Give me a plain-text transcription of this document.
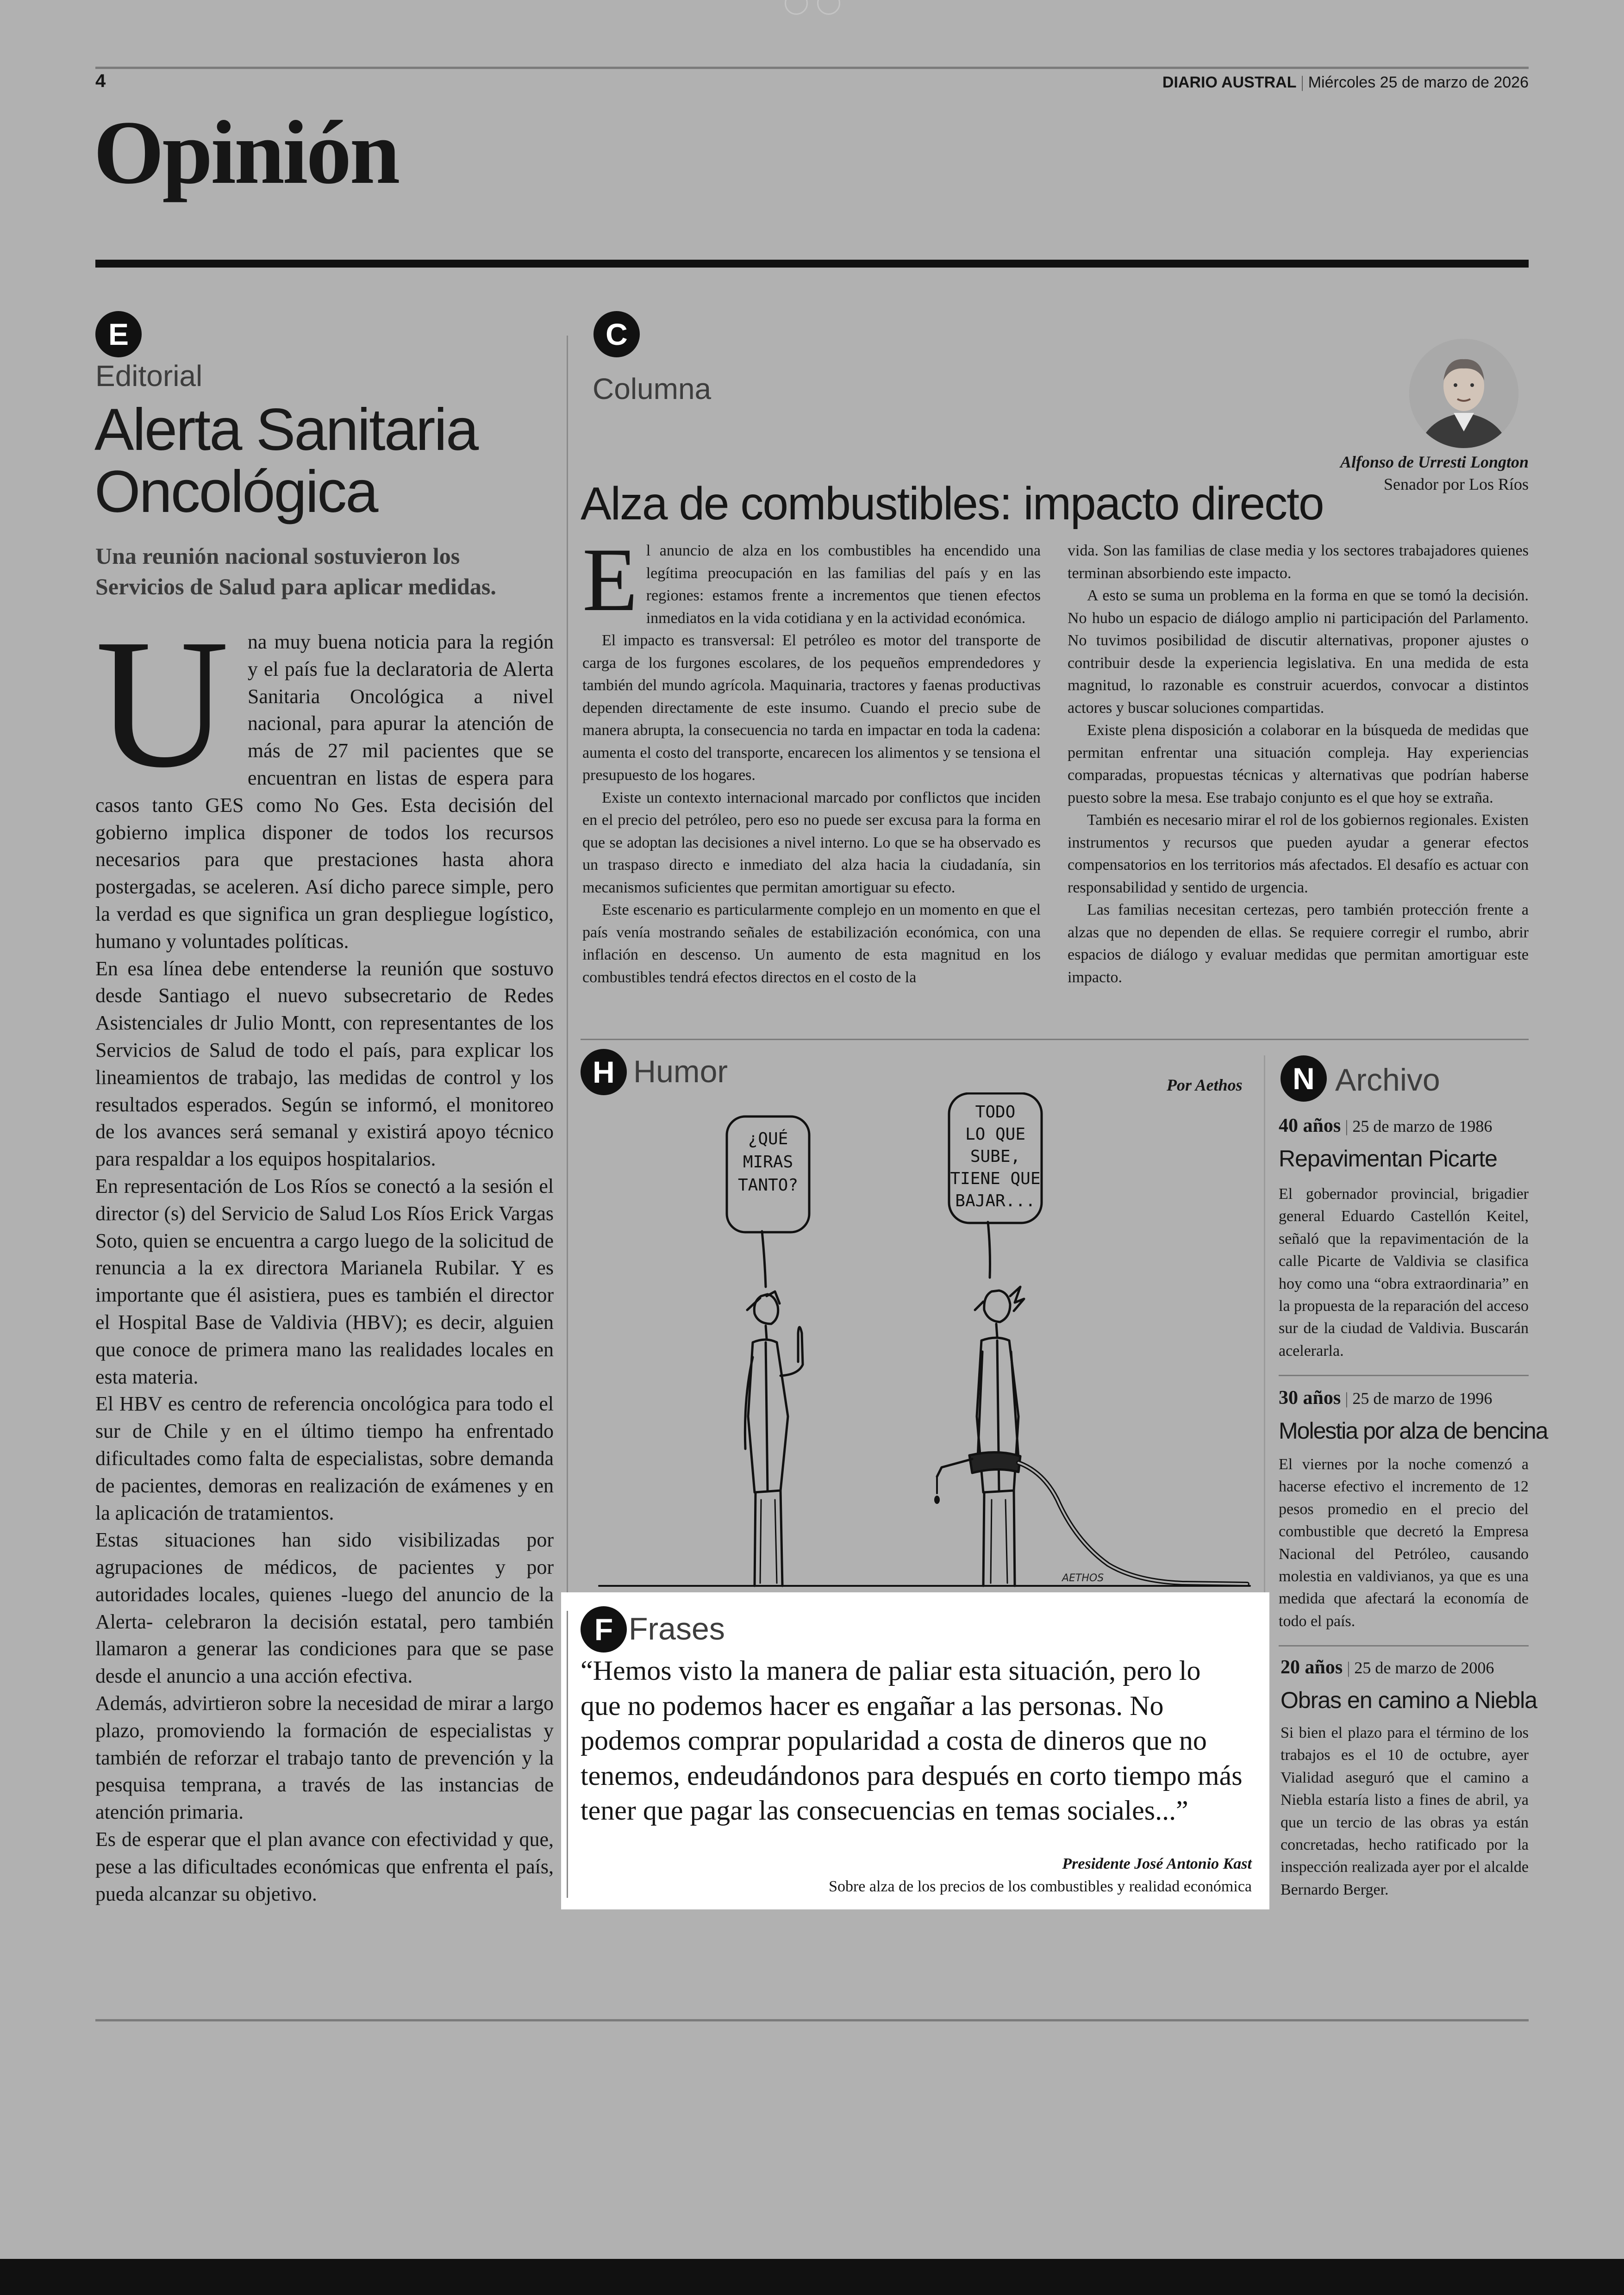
4	DIARIO AUSTRAL | Miércoles 25 de marzo de 2026
Opinión
E
Editorial
Alerta Sanitaria
Oncológica
Una reunión nacional sostuvieron los Servicios de Salud para aplicar medidas.
U na muy buena noticia para la región y el país fue la declaratoria de Alerta Sanitaria Oncológica a nivel nacional, para apurar la atención de más de 27 mil pacientes que se encuentran en listas de espera para casos tanto GES como No Ges. Esta decisión del gobierno implica disponer de todos los recursos necesarios para que prestaciones hasta ahora postergadas, se aceleren. Así dicho parece simple, pero la verdad es que significa un gran despliegue logístico, humano y voluntades políticas.

En esa línea debe entenderse la reunión que sostuvo desde Santiago el nuevo subsecretario de Redes Asistenciales dr Julio Montt, con representantes de los Servicios de Salud de todo el país, para explicar los lineamientos de trabajo, las medidas de control y los resultados esperados. Según se informó, el monitoreo de los avances será semanal y existirá apoyo técnico para respaldar a los equipos hospitalarios.

En representación de Los Ríos se conectó a la sesión el director (s) del Servicio de Salud Los Ríos Erick Vargas Soto, quien se encuentra a cargo luego de la solicitud de renuncia a la ex directora Marianela Rubilar. Y es importante que él asistiera, pues es también el director el Hospital Base de Valdivia (HBV); es decir, alguien que conoce de primera mano las realidades locales en esta materia.

El HBV es centro de referencia oncológica para todo el sur de Chile y en el último tiempo ha enfrentado dificultades como falta de especialistas, sobre demanda de pacientes, demoras en realización de exámenes y en la aplicación de tratamientos.

Estas situaciones han sido visibilizadas por agrupaciones de médicos, de pacientes y por autoridades locales, quienes -luego del anuncio de la Alerta- celebraron la decisión estatal, pero también llamaron a generar las condiciones para que se pase desde el anuncio a una acción efectiva.

Además, advirtieron sobre la necesidad de mirar a largo plazo, promoviendo la formación de especialistas y también de reforzar el trabajo tanto de prevención y la pesquisa temprana, a través de las instancias de atención primaria.

Es de esperar que el plan avance con efectividad y que, pese a las dificultades económicas que enfrenta el país, pueda alcanzar su objetivo.

C
Columna
Alfonso de Urresti Longton
Senador por Los Ríos
Alza de combustibles: impacto directo
E l anuncio de alza en los combustibles ha encendido una legítima preocupación en las familias del país y en las regiones: estamos frente a incrementos que tienen efectos inmediatos en la vida cotidiana y en la actividad económica.

El impacto es transversal: El petróleo es motor del transporte de carga de los furgones escolares, de los pequeños emprendedores y también del mundo agrícola. Maquinaria, tractores y faenas productivas dependen directamente de este insumo. Cuando el precio sube de manera abrupta, la consecuencia no tarda en impactar en toda la cadena: aumenta el costo del transporte, encarecen los alimentos y se tensiona el presupuesto de los hogares.

Existe un contexto internacional marcado por conflictos que inciden en el precio del petróleo, pero eso no puede ser excusa para la forma en que se adoptan las decisiones a nivel interno. Lo que se ha observado es un traspaso directo e inmediato del alza hacia la ciudadanía, sin mecanismos suficientes que permitan amortiguar su efecto.

Este escenario es particularmente complejo en un momento en que el país venía mostrando señales de estabilización económica, con una inflación en descenso. Un aumento de esta magnitud en los combustibles tendrá efectos directos en el costo de la

vida. Son las familias de clase media y los sectores trabajadores quienes terminan absorbiendo este impacto.

A esto se suma un problema en la forma en que se tomó la decisión. No hubo un espacio de diálogo amplio ni participación del Parlamento. No tuvimos posibilidad de discutir alternativas, proponer ajustes o contribuir desde la experiencia legislativa. En una medida de esta magnitud, lo razonable es construir acuerdos, convocar a distintos actores y buscar soluciones compartidas.

Existe plena disposición a colaborar en la búsqueda de medidas que permitan enfrentar una situación compleja. Hay experiencias comparadas, propuestas técnicas y alternativas que podrían haberse puesto sobre la mesa. Ese trabajo conjunto es el que hoy se extraña.

También es necesario mirar el rol de los gobiernos regionales. Existen instrumentos y recursos que pueden ayudar a generar efectos compensatorios en los territorios más afectados. El desafío es actuar con responsabilidad y sentido de urgencia.

Las familias necesitan certezas, pero también protección frente a alzas que no dependen de ellas. Se requiere corregir el rumbo, abrir espacios de diálogo y evaluar medidas que permitan amortiguar este impacto.

H Humor	Por Aethos
¿QUÉ
MIRAS
TANTO?
TODO
LO QUE
SUBE,
TIENE QUE
BAJAR...
AETHOS
F Frases
“Hemos visto la manera de paliar esta situación, pero lo que no podemos hacer es engañar a las personas. No podemos comprar popularidad a costa de dineros que no tenemos, endeudándonos para después en corto tiempo más tener que pagar las consecuencias en temas sociales...”
Presidente José Antonio Kast
Sobre alza de los precios de los combustibles y realidad económica
N Archivo
40 años | 25 de marzo de 1986
Repavimentan Picarte

El gobernador provincial, brigadier general Eduardo Castellón Keitel, señaló que la repavimentación de la calle Picarte de Valdivia se clasifica hoy como una “obra extraordinaria” en la propuesta de la reparación del acceso sur de la ciudad de Valdivia. Buscarán acelerarla.

30 años | 25 de marzo de 1996
Molestia por alza de bencina

El viernes por la noche comenzó a hacerse efectivo el incremento de 12 pesos promedio en el precio del combustible que decretó la Empresa Nacional del Petróleo, causando molestia en valdivianos, ya que es una medida que afectará la economía de todo el país.

20 años | 25 de marzo de 2006
Obras en camino a Niebla

Si bien el plazo para el término de los trabajos es el 10 de octubre, ayer Vialidad aseguró que el camino a Niebla estaría listo a fines de abril, ya que un tercio de las obras ya están concretadas, hecho ratificado por la inspección realizada ayer por el alcalde Bernardo Berger.
